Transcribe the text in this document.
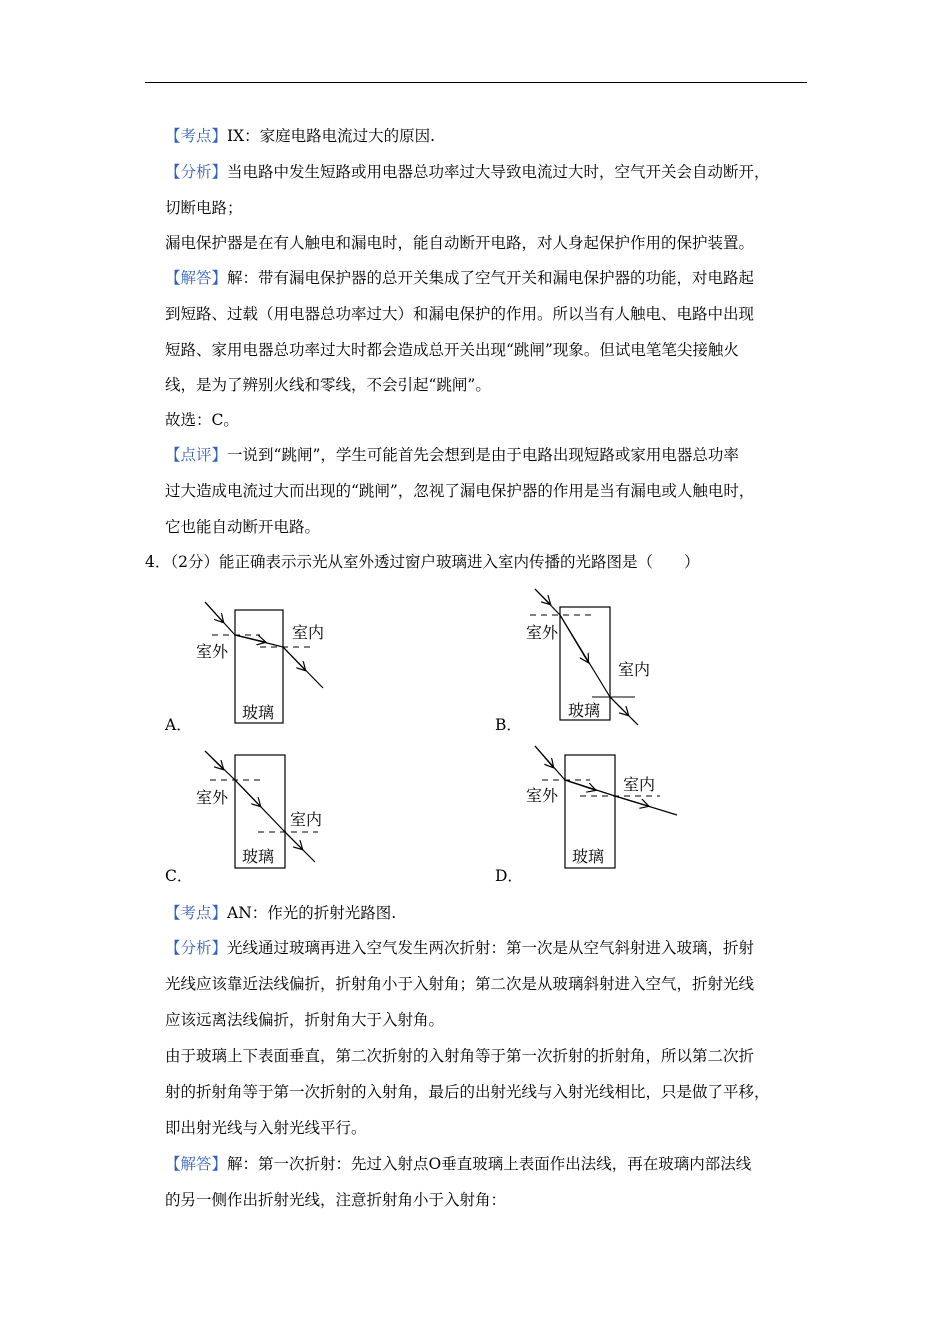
【考点】IX：家庭电路电流过大的原因.
【分析】当电路中发生短路或用电器总功率过大导致电流过大时，空气开关会自动断开，
切断电路；
漏电保护器是在有人触电和漏电时，能自动断开电路，对人身起保护作用的保护装置。
【解答】解：带有漏电保护器的总开关集成了空气开关和漏电保护器的功能，对电路起
到短路、过载（用电器总功率过大）和漏电保护的作用。所以当有人触电、电路中出现
短路、家用电器总功率过大时都会造成总开关出现“跳闸”现象。但试电笔笔尖接触火
线，是为了辨别火线和零线，不会引起“跳闸”。
故选：C。
【点评】一说到“跳闸”，学生可能首先会想到是由于电路出现短路或家用电器总功率
过大造成电流过大而出现的“跳闸”，忽视了漏电保护器的作用是当有漏电或人触电时，
它也能自动断开电路。
4．（2分）能正确表示示光从室外透过窗户玻璃进入室内传播的光路图是（　　）
室外
室内
玻璃
A．
室外
室内
玻璃
B．
室外
室内
玻璃
C．
室外
室内
玻璃
D．
【考点】AN：作光的折射光路图.
【分析】光线通过玻璃再进入空气发生两次折射：第一次是从空气斜射进入玻璃，折射
光线应该靠近法线偏折，折射角小于入射角；第二次是从玻璃斜射进入空气，折射光线
应该远离法线偏折，折射角大于入射角。
由于玻璃上下表面垂直，第二次折射的入射角等于第一次折射的折射角，所以第二次折
射的折射角等于第一次折射的入射角，最后的出射光线与入射光线相比，只是做了平移，
即出射光线与入射光线平行。
【解答】解：第一次折射：先过入射点O垂直玻璃上表面作出法线，再在玻璃内部法线
的另一侧作出折射光线，注意折射角小于入射角：
